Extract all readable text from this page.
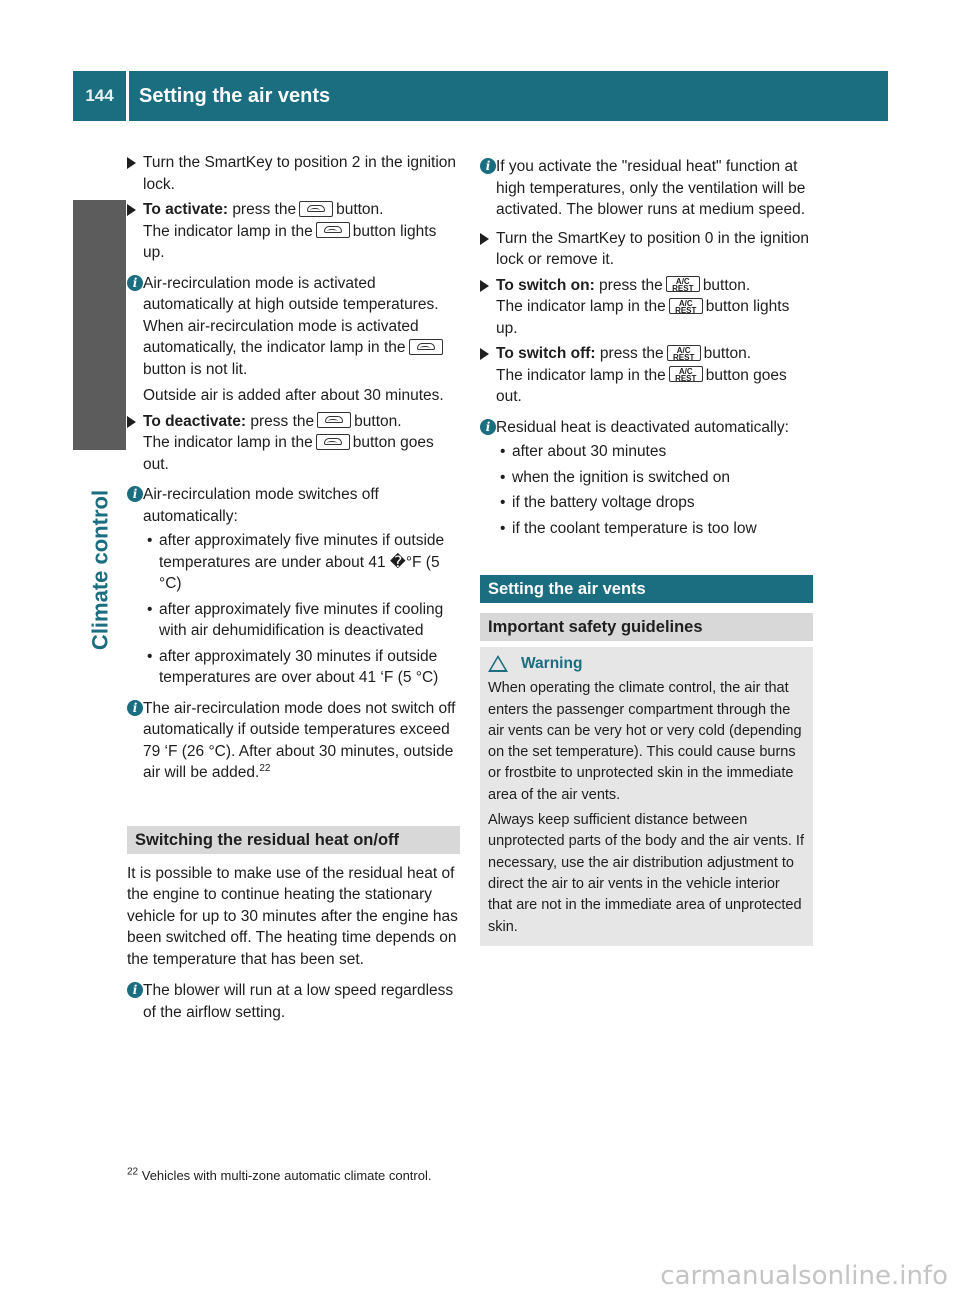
144	Setting the air vents
Climate control

Turn the SmartKey to position 2 in the ignition lock.

To activate: press the	button.
The indicator lamp in the	button lights up.

i Air-recirculation mode is activated automatically at high outside temperatures. When air-recirculation mode is activated automatically, the indicator lamp in thebutton is not lit.

Outside air is added after about 30 minutes.

To deactivate: press the	button.
The indicator lamp in the	button goes out.

i Air-recirculation mode switches off automatically:

• after approximately five minutes if outside temperatures are under about 41 �°F (5 °C)
• after approximately five minutes if cooling with air dehumidification is deactivated
• after approximately 30 minutes if outside temperatures are over about 41 ‘F (5 °C)
i The air-recirculation mode does not switch off automatically if outside temperatures exceed 79 ‘F (26 °C). After about 30 minutes, outside air will be added.$^{22}$

Switching the residual heat on/off

It is possible to make use of the residual heat of the engine to continue heating the stationary vehicle for up to 30 minutes after the engine has been switched off. The heating time depends on the temperature that has been set.

i The blower will run at a low speed regardless of the airflow setting.

$^{22}$ Vehicles with multi-zone automatic climate control.
i If you activate the "residual heat" function at high temperatures, only the ventilation will be activated. The blower runs at medium speed.

Turn the SmartKey to position 0 in the ignition lock or remove it.

To switch on: press the	A/C
REST button.
The indicator lamp in the	A/C
REST button lights up.

To switch off: press the	A/C
REST button.
The indicator lamp in the	A/C
REST button goes out.

i Residual heat is deactivated automatically:

• after about 30 minutes
• when the ignition is switched on
• if the battery voltage drops
• if the coolant temperature is too low
Setting the air vents
Important safety guidelines
Warning

When operating the climate control, the air that enters the passenger compartment through the air vents can be very hot or very cold (depending on the set temperature). This could cause burns or frostbite to unprotected skin in the immediate area of the air vents.

Always keep sufficient distance between unprotected parts of the body and the air vents. If necessary, use the air distribution adjustment to direct the air to air vents in the vehicle interior that are not in the immediate area of unprotected skin.

carmanualsonline.info
